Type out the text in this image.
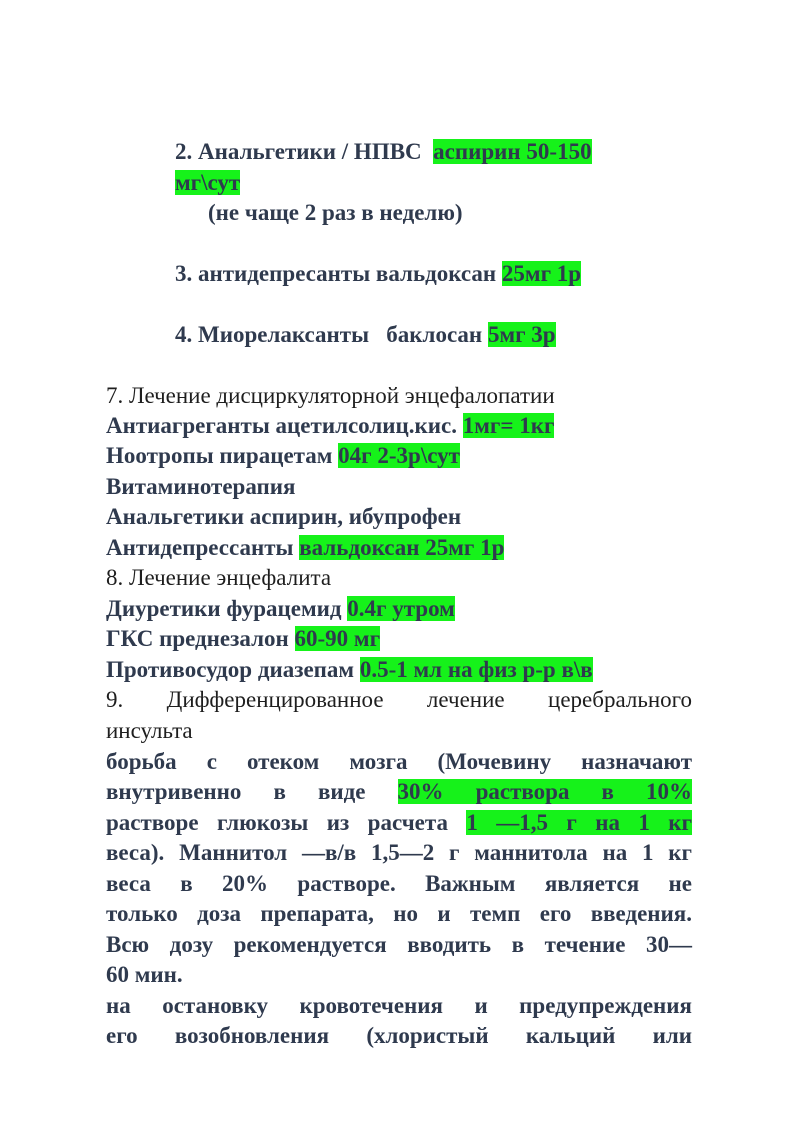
2. Анальгетики / НПВС аспирин 50-150
мг\сут
(не чаще 2 раз в неделю)
3. антидепресанты вальдоксан 25мг 1р
4. Миорелаксанты   баклосан 5мг 3р
7. Лечение дисциркуляторной энцефалопатии
Антиагреганты ацетилсолиц.кис. 1мг= 1кг
Ноотропы пирацетам 04г 2-3р\сут
Витаминотерапия
Анальгетики аспирин, ибупрофен
Антидепрессанты вальдоксан 25мг 1р
8. Лечение энцефалита
Диуретики фурацемид 0.4г утром
ГКС преднезалон 60-90 мг
Противосудор диазепам 0.5-1 мл на физ р-р в\в
9. Дифференцированное лечение церебрального
инсульта
борьба с отеком мозга (Мочевину назначают
внутривенно в виде 30% раствора в 10%
растворе глюкозы из расчета 1 —1,5 г на 1 кг
веса). Маннитол —в/в 1,5—2 г маннитола на 1 кг
веса в 20% растворе. Важным является не
только доза препарата, но и темп его введения.
Всю дозу рекомендуется вводить в течение 30—
60 мин.
на остановку кровотечения и предупреждения
его возобновления (хлористый кальций или
